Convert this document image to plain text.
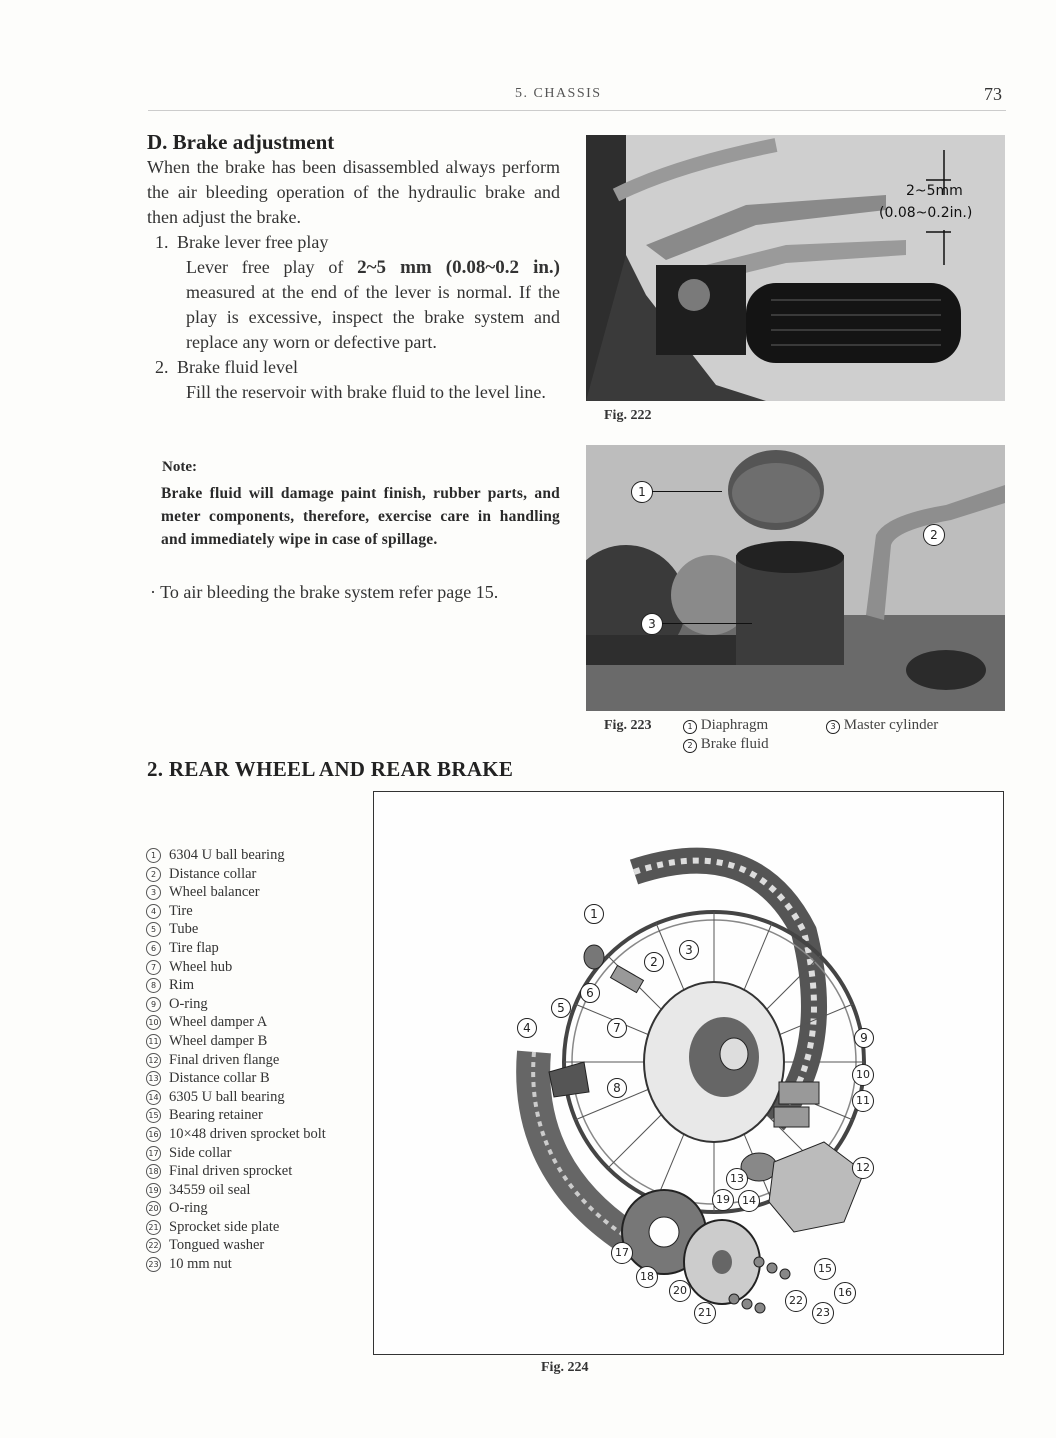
5. CHASSIS	73
D. Brake adjustment
When the brake has been disassembled always perform the air bleeding operation of the hydraulic brake and then adjust the brake.
1. Brake lever free play
Lever free play of 2~5 mm (0.08~0.2 in.) measured at the end of the lever is normal. If the play is excessive, inspect the brake system and replace any worn or defective part.
2. Brake fluid level
Fill the reservoir with brake fluid to the level line.
Note:
Brake fluid will damage paint finish, rubber parts, and meter components, therefore, exercise care in handling and immediately wipe in case of spillage.
· To air bleeding the brake system refer page 15.
2~5mm
(0.08~0.2in.)
Fig. 222
1
2
3
Fig. 223	1 Diaphragm
2 Brake fluid
3 Master cylinder
2. REAR WHEEL AND REAR BRAKE
1 6304 U ball bearing
2 Distance collar
3 Wheel balancer
4 Tire
5 Tube
6 Tire flap
7 Wheel hub
8 Rim
9 O-ring
10 Wheel damper A
11 Wheel damper B
12 Final driven flange
13 Distance collar B
14 6305 U ball bearing
15 Bearing retainer
16 10×48 driven sprocket bolt
17 Side collar
18 Final driven sprocket
19 34559 oil seal
20 O-ring
21 Sprocket side plate
22 Tongued washer
23 10 mm nut
1
2
3
4
5
6
7
8
9
10
11
12
13
14
15
16
17
18
19
20
21
22
23
Fig. 224
